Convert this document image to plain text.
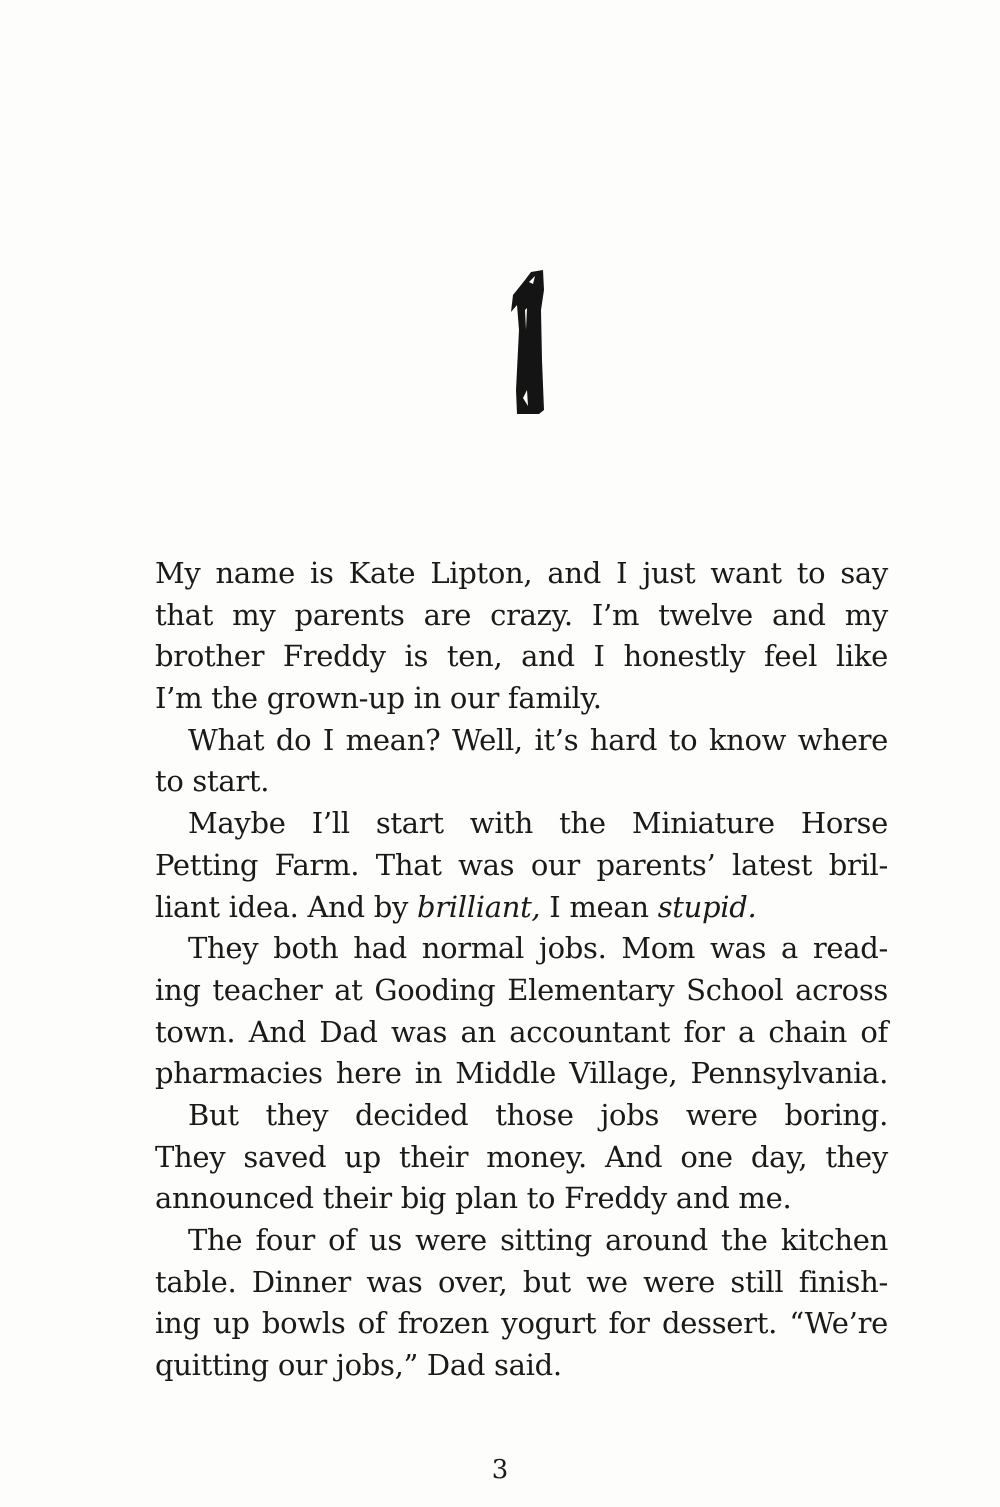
My name is Kate Lipton, and I just want to say
that my parents are crazy. I’m twelve and my
brother Freddy is ten, and I honestly feel like
I’m the grown-up in our family.
What do I mean? Well, it’s hard to know where
to start.
Maybe I’ll start with the Miniature Horse
Petting Farm. That was our parents’ latest bril-
liant idea. And by brilliant, I mean stupid.
They both had normal jobs. Mom was a read-
ing teacher at Gooding Elementary School across
town. And Dad was an accountant for a chain of
pharmacies here in Middle Village, Pennsylvania.
But they decided those jobs were boring.
They saved up their money. And one day, they
announced their big plan to Freddy and me.
The four of us were sitting around the kitchen
table. Dinner was over, but we were still finish-
ing up bowls of frozen yogurt for dessert. “We’re
quitting our jobs,” Dad said.
3
